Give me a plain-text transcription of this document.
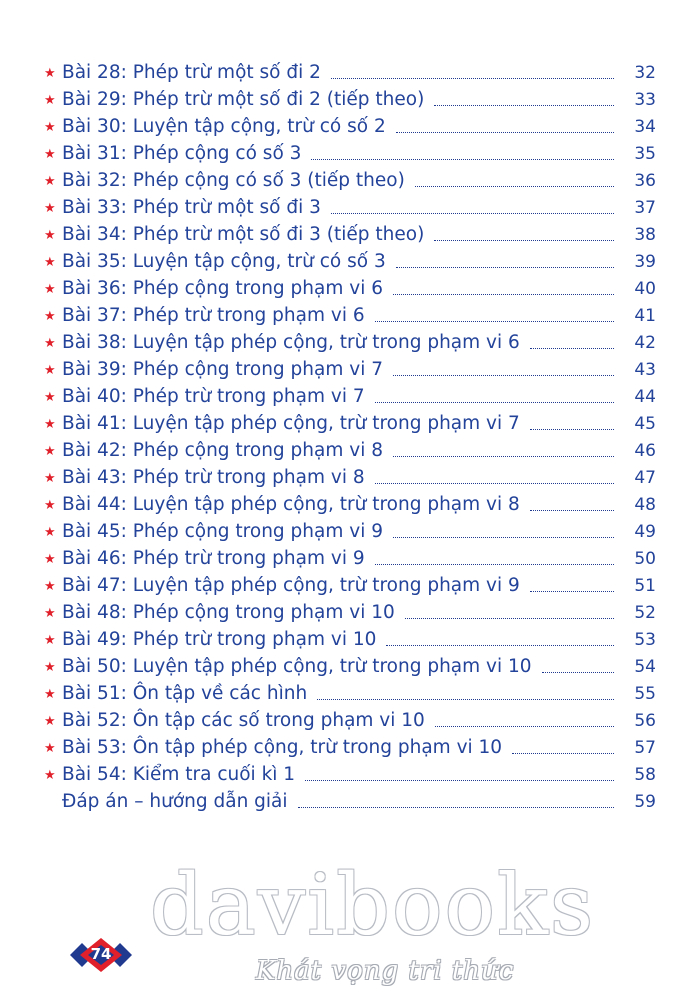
★ Bài 28: Phép trừ một số đi 2	32
★ Bài 29: Phép trừ một số đi 2 (tiếp theo)	33
★ Bài 30: Luyện tập cộng, trừ có số 2	34
★ Bài 31: Phép cộng có số 3	35
★ Bài 32: Phép cộng có số 3 (tiếp theo)	36
★ Bài 33: Phép trừ một số đi 3	37
★ Bài 34: Phép trừ một số đi 3 (tiếp theo)	38
★ Bài 35: Luyện tập cộng, trừ có số 3	39
★ Bài 36: Phép cộng trong phạm vi 6	40
★ Bài 37: Phép trừ trong phạm vi 6	41
★ Bài 38: Luyện tập phép cộng, trừ trong phạm vi 6	42
★ Bài 39: Phép cộng trong phạm vi 7	43
★ Bài 40: Phép trừ trong phạm vi 7	44
★ Bài 41: Luyện tập phép cộng, trừ trong phạm vi 7	45
★ Bài 42: Phép cộng trong phạm vi 8	46
★ Bài 43: Phép trừ trong phạm vi 8	47
★ Bài 44: Luyện tập phép cộng, trừ trong phạm vi 8	48
★ Bài 45: Phép cộng trong phạm vi 9	49
★ Bài 46: Phép trừ trong phạm vi 9	50
★ Bài 47: Luyện tập phép cộng, trừ trong phạm vi 9	51
★ Bài 48: Phép cộng trong phạm vi 10	52
★ Bài 49: Phép trừ trong phạm vi 10	53
★ Bài 50: Luyện tập phép cộng, trừ trong phạm vi 10	54
★ Bài 51: Ôn tập về các hình	55
★ Bài 52: Ôn tập các số trong phạm vi 10	56
★ Bài 53: Ôn tập phép cộng, trừ trong phạm vi 10	57
★ Bài 54: Kiểm tra cuối kì 1	58
Đáp án – hướng dẫn giải	59
74 davibooks
Khát vọng tri thức
